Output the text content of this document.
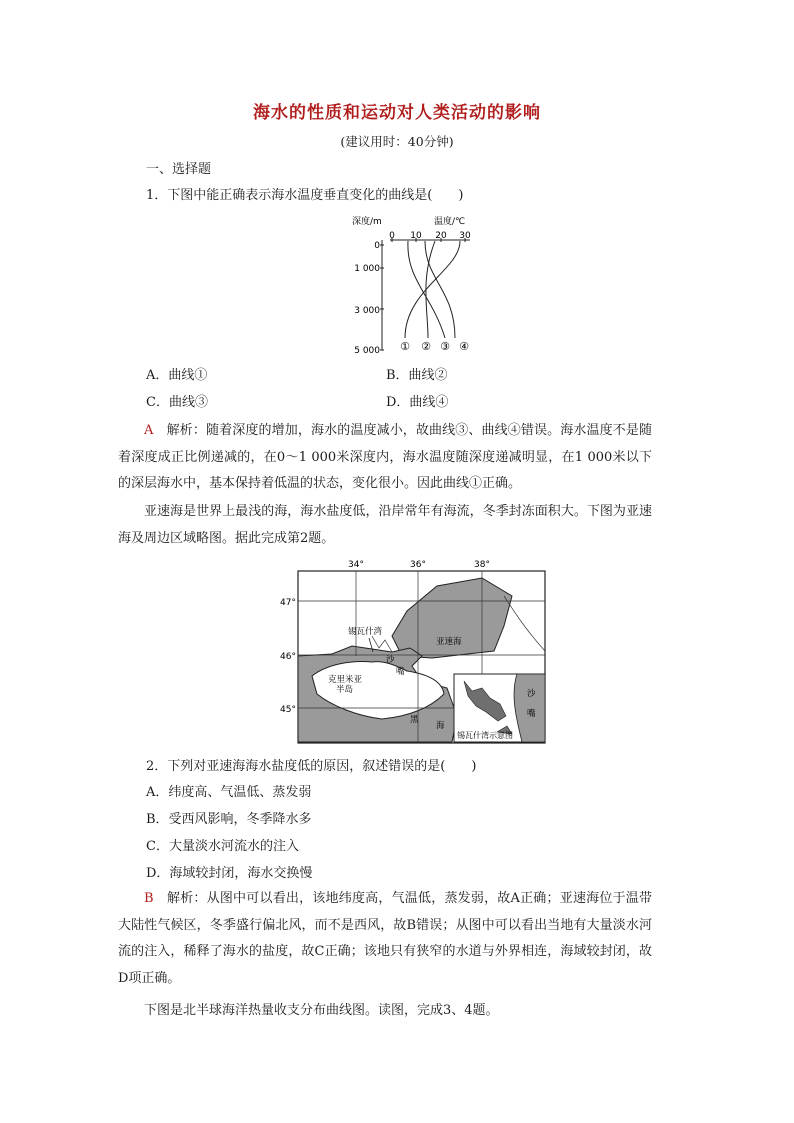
海水的性质和运动对人类活动的影响
(建议用时：40分钟)
一、选择题
1．下图中能正确表示海水温度垂直变化的曲线是(　　)
深度/m	温度/℃
0 10 20 30
0
1 000
3 000
5 000 ① ② ③ ④
A．曲线①	B．曲线②
C．曲线③	D．曲线④
A　 解析：随着深度的增加，海水的温度减小，故曲线③、曲线④错误。海水温度不是随着深度成正比例递减的，在0～1 000米深度内，海水温度随深度递减明显，在1 000米以下的深层海水中，基本保持着低温的状态，变化很小。因此曲线①正确。
亚速海是世界上最浅的海，海水盐度低，沿岸常年有海流，冬季封冻面积大。下图为亚速海及周边区域略图。据此完成第2题。
34°	36°	38°
47°
46°
45°
锡瓦什湾
亚速海
克里米亚
半岛
黑
海
沙
嘴
沙
嘴
锡瓦什湾示意图
2．下列对亚速海海水盐度低的原因，叙述错误的是(　　)
A．纬度高、气温低、蒸发弱
B．受西风影响，冬季降水多
C．大量淡水河流水的注入
D．海域较封闭，海水交换慢
B　 解析：从图中可以看出，该地纬度高，气温低，蒸发弱，故A正确；亚速海位于温带大陆性气候区，冬季盛行偏北风，而不是西风，故B错误；从图中可以看出当地有大量淡水河流的注入，稀释了海水的盐度，故C正确；该地只有狭窄的水道与外界相连，海域较封闭，故D项正确。
下图是北半球海洋热量收支分布曲线图。读图，完成3、4题。
